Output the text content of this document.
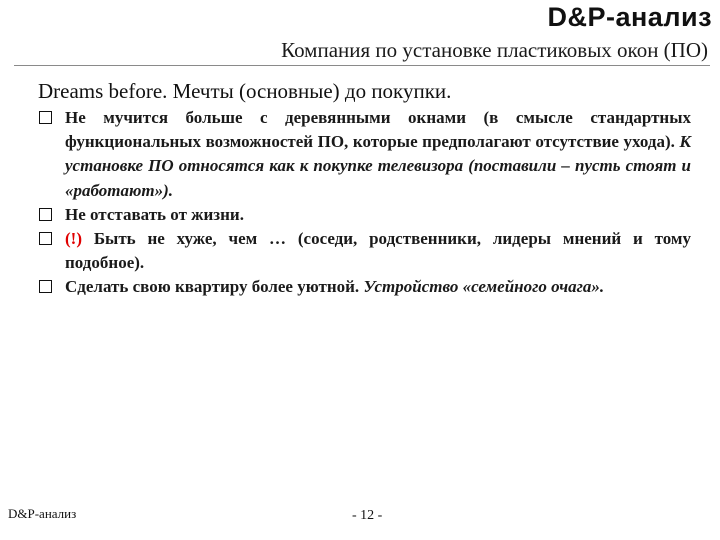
D&P-анализ
Компания по установке пластиковых окон (ПО)
Dreams before. Мечты (основные) до покупки.
Не мучится больше с деревянными окнами (в смысле стандартных функциональных возможностей ПО, которые предполагают отсутствие ухода). К установке ПО относятся как к покупке телевизора (поставили – пусть стоят и «работают»).
Не отставать от жизни.
(!) Быть не хуже, чем … (соседи, родственники, лидеры мнений и тому подобное).
Сделать свою квартиру более уютной. Устройство «семейного очага».
D&P-анализ	- 12 -
